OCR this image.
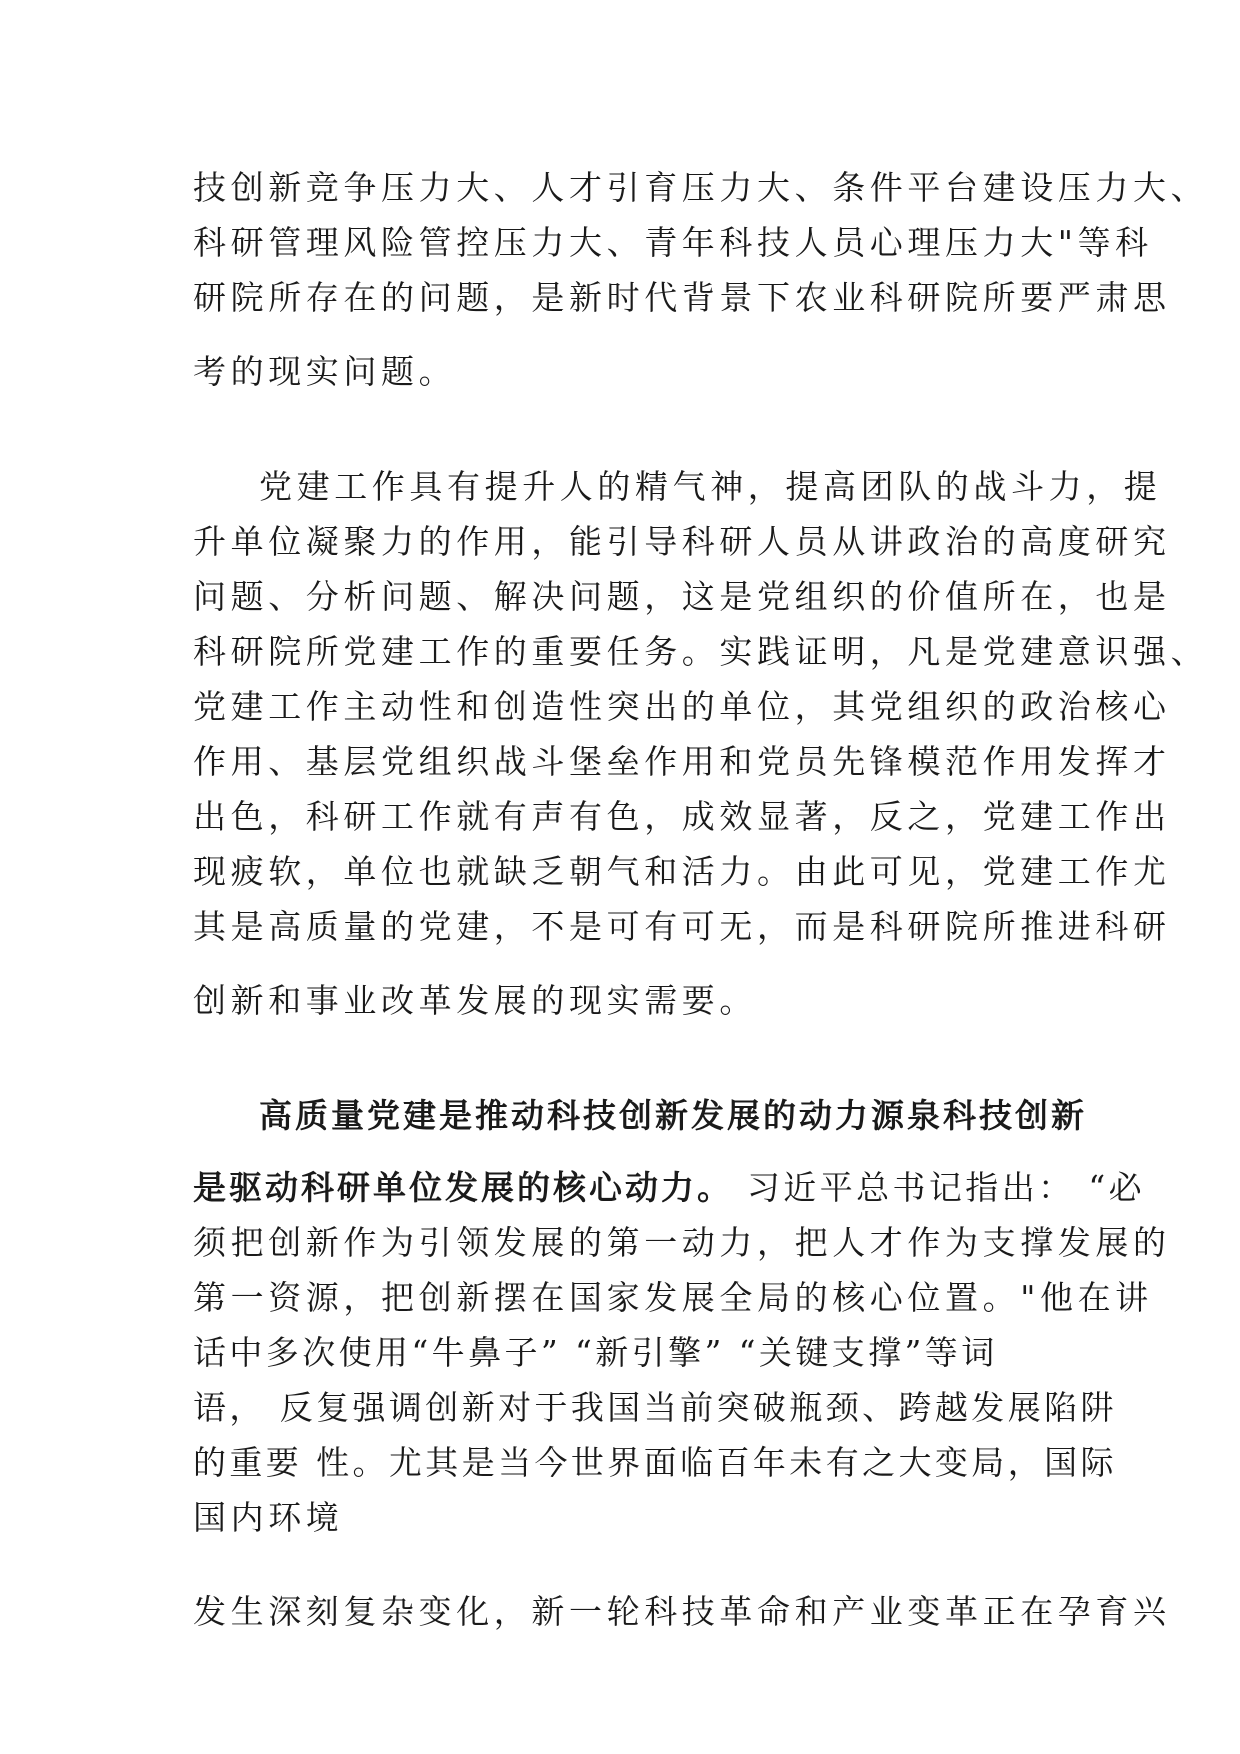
技创新竞争压力大、人才引育压力大、条件平台建设压力大、
科研管理风险管控压力大、青年科技人员心理压力大"等科
研院所存在的问题，是新时代背景下农业科研院所要严肃思
考的现实问题。
党建工作具有提升人的精气神，提高团队的战斗力，提
升单位凝聚力的作用，能引导科研人员从讲政治的高度研究
问题、分析问题、解决问题，这是党组织的价值所在，也是
科研院所党建工作的重要任务。实践证明，凡是党建意识强、
党建工作主动性和创造性突出的单位，其党组织的政治核心
作用、基层党组织战斗堡垒作用和党员先锋模范作用发挥才
出色，科研工作就有声有色，成效显著，反之，党建工作出
现疲软，单位也就缺乏朝气和活力。由此可见，党建工作尤
其是高质量的党建，不是可有可无，而是科研院所推进科研
创新和事业改革发展的现实需要。
高质量党建是推动科技创新发展的动力源泉科技创新
是驱动科研单位发展的核心动力。 习近平总书记指出： “必
须把创新作为引领发展的第一动力，把人才作为支撑发展的
第一资源，把创新摆在国家发展全局的核心位置。"他在讲
话中多次使用“牛鼻子” “新引擎” “关键支撑”等词
语， 反复强调创新对于我国当前突破瓶颈、跨越发展陷阱
的重要 性。尤其是当今世界面临百年未有之大变局，国际
国内环境
发生深刻复杂变化，新一轮科技革命和产业变革正在孕育兴
